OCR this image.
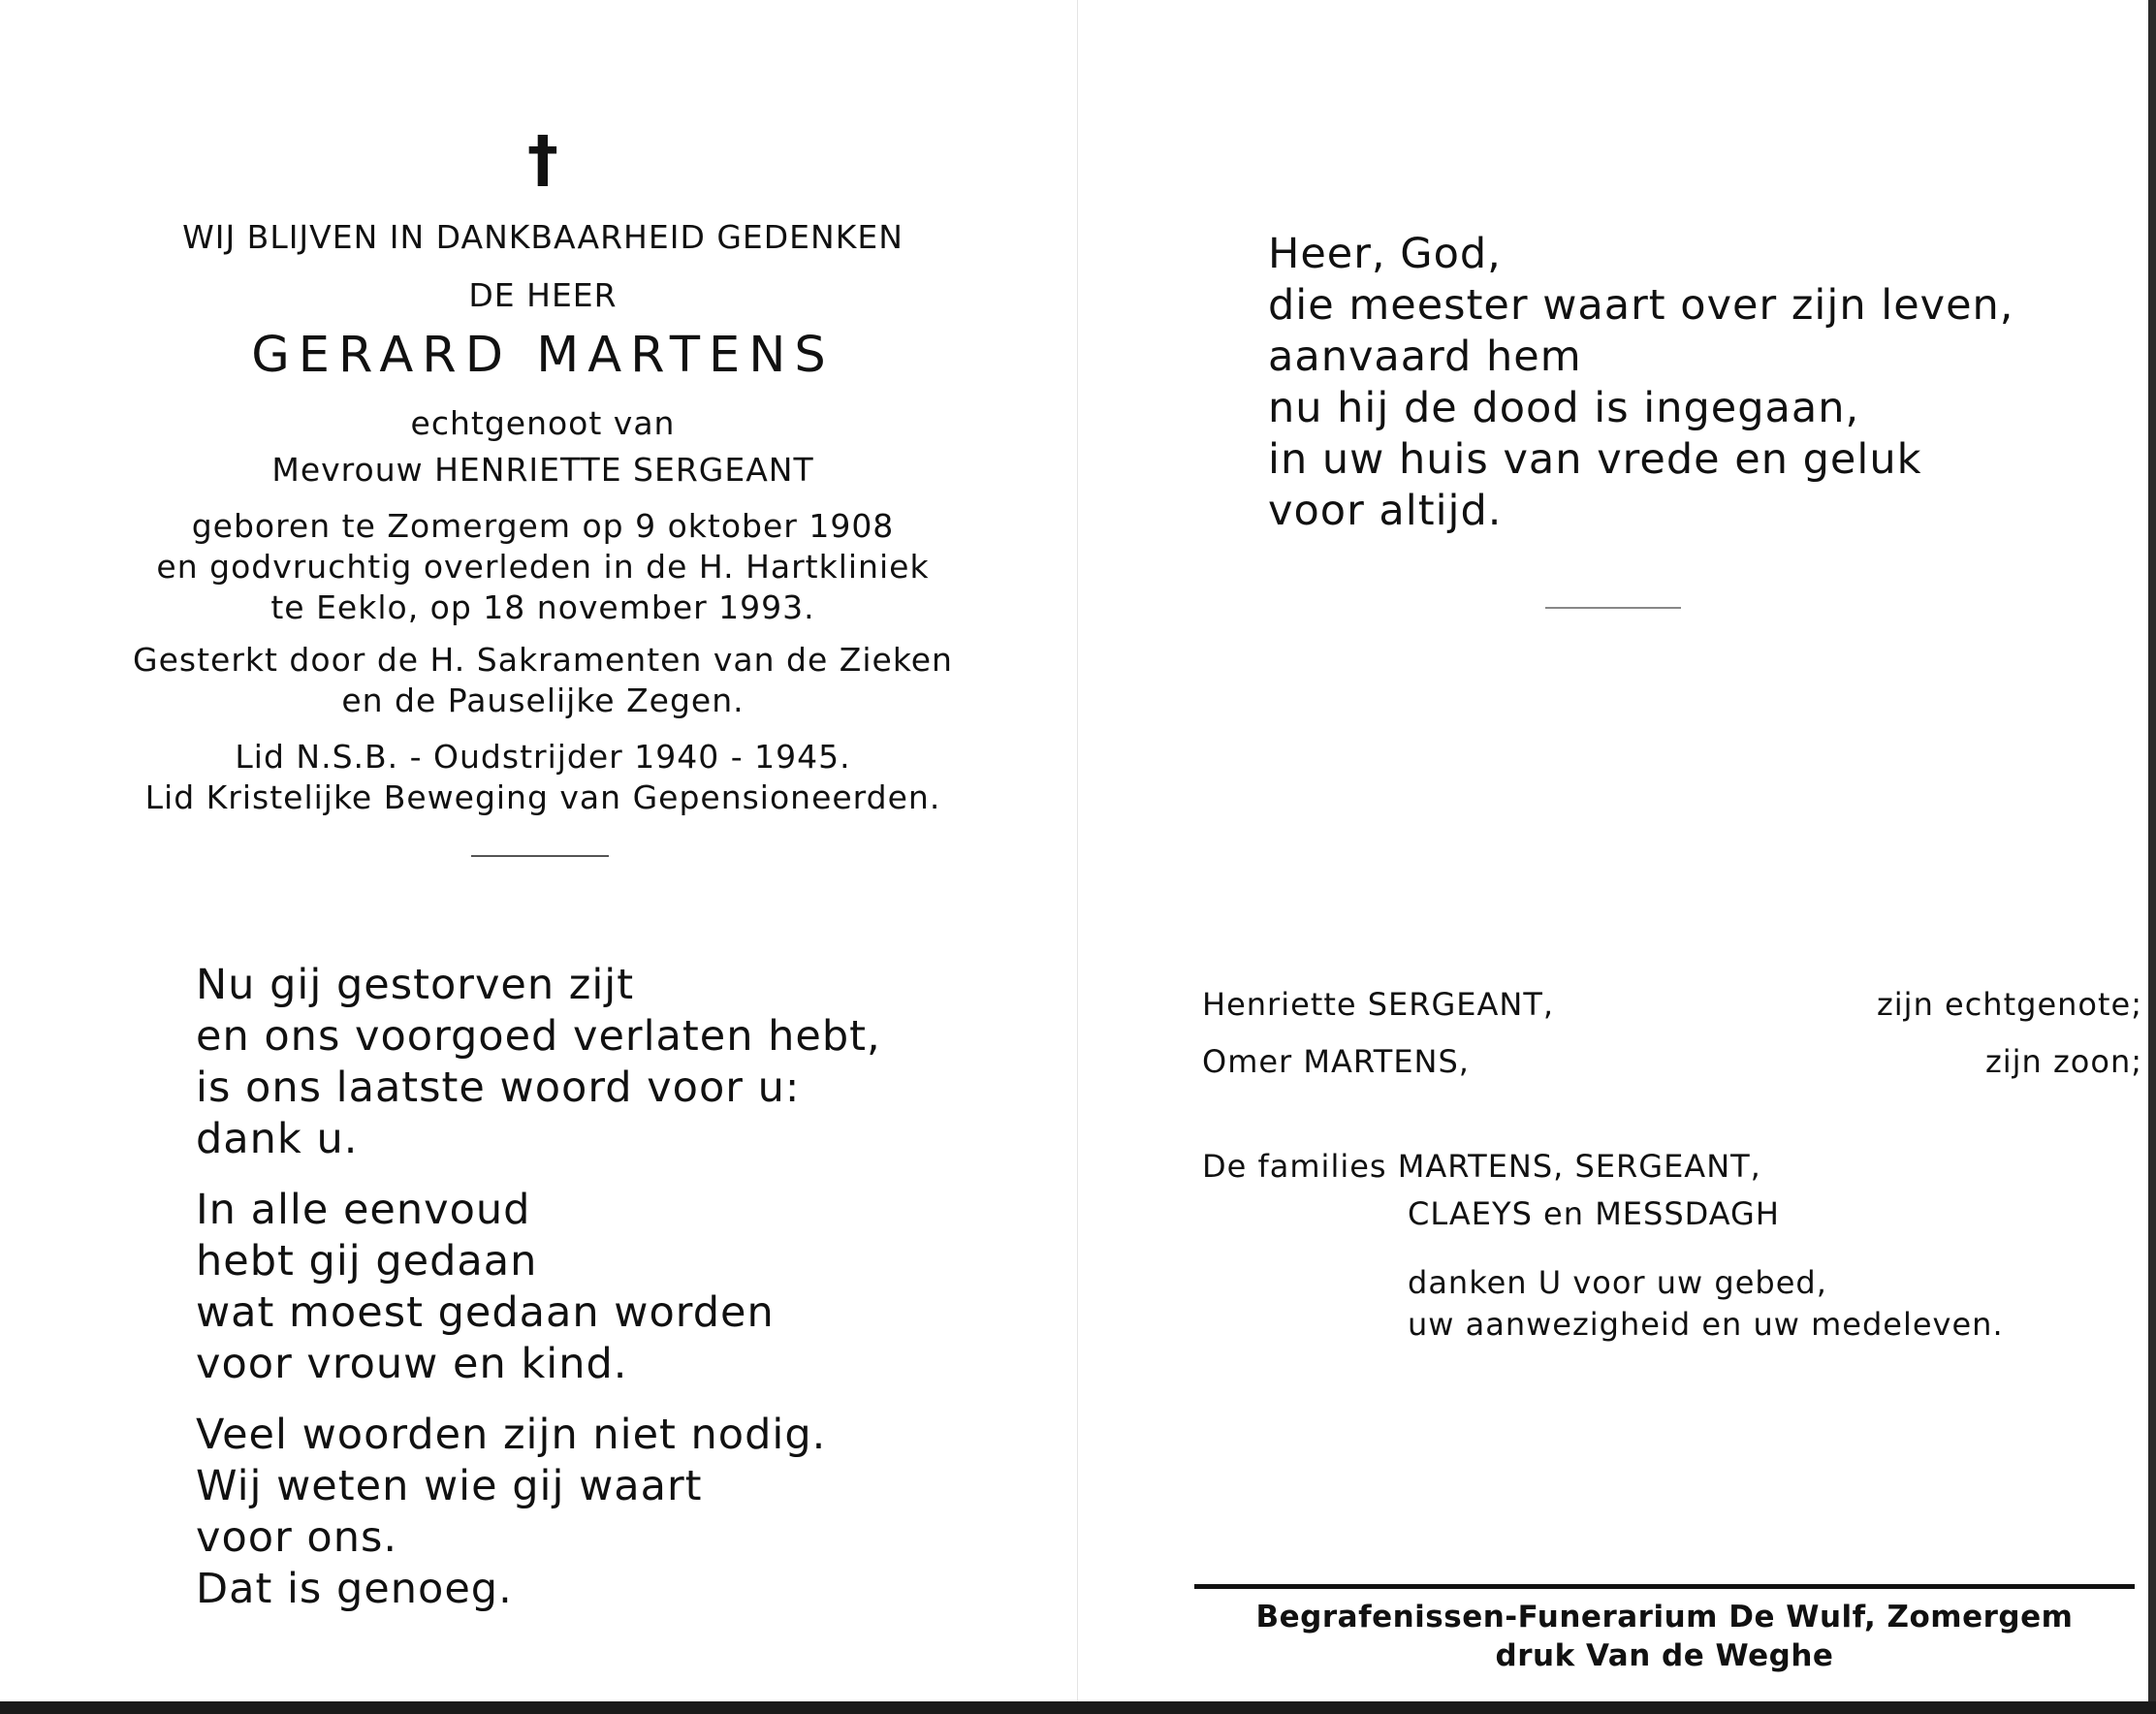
†
WIJ BLIJVEN IN DANKBAARHEID GEDENKEN
DE HEER
GERARD MARTENS
echtgenoot van
Mevrouw HENRIETTE SERGEANT
geboren te Zomergem op 9 oktober 1908
en godvruchtig overleden in de H. Hartkliniek
te Eeklo, op 18 november 1993.
Gesterkt door de H. Sakramenten van de Zieken
en de Pauselijke Zegen.
Lid N.S.B. - Oudstrijder 1940 - 1945.
Lid Kristelijke Beweging van Gepensioneerden.
Nu gij gestorven zijt
en ons voorgoed verlaten hebt,
is ons laatste woord voor u:
dank u.
In alle eenvoud
hebt gij gedaan
wat moest gedaan worden
voor vrouw en kind.
Veel woorden zijn niet nodig.
Wij weten wie gij waart
voor ons.
Dat is genoeg.
Heer, God,
die meester waart over zijn leven,
aanvaard hem
nu hij de dood is ingegaan,
in uw huis van vrede en geluk
voor altijd.
Henriette SERGEANT,	zijn echtgenote;
Omer MARTENS,	zijn zoon;
De families MARTENS, SERGEANT,
CLAEYS en MESSDAGH
danken U voor uw gebed,
uw aanwezigheid en uw medeleven.
Begrafenissen-Funerarium De Wulf, Zomergem
druk Van de Weghe
